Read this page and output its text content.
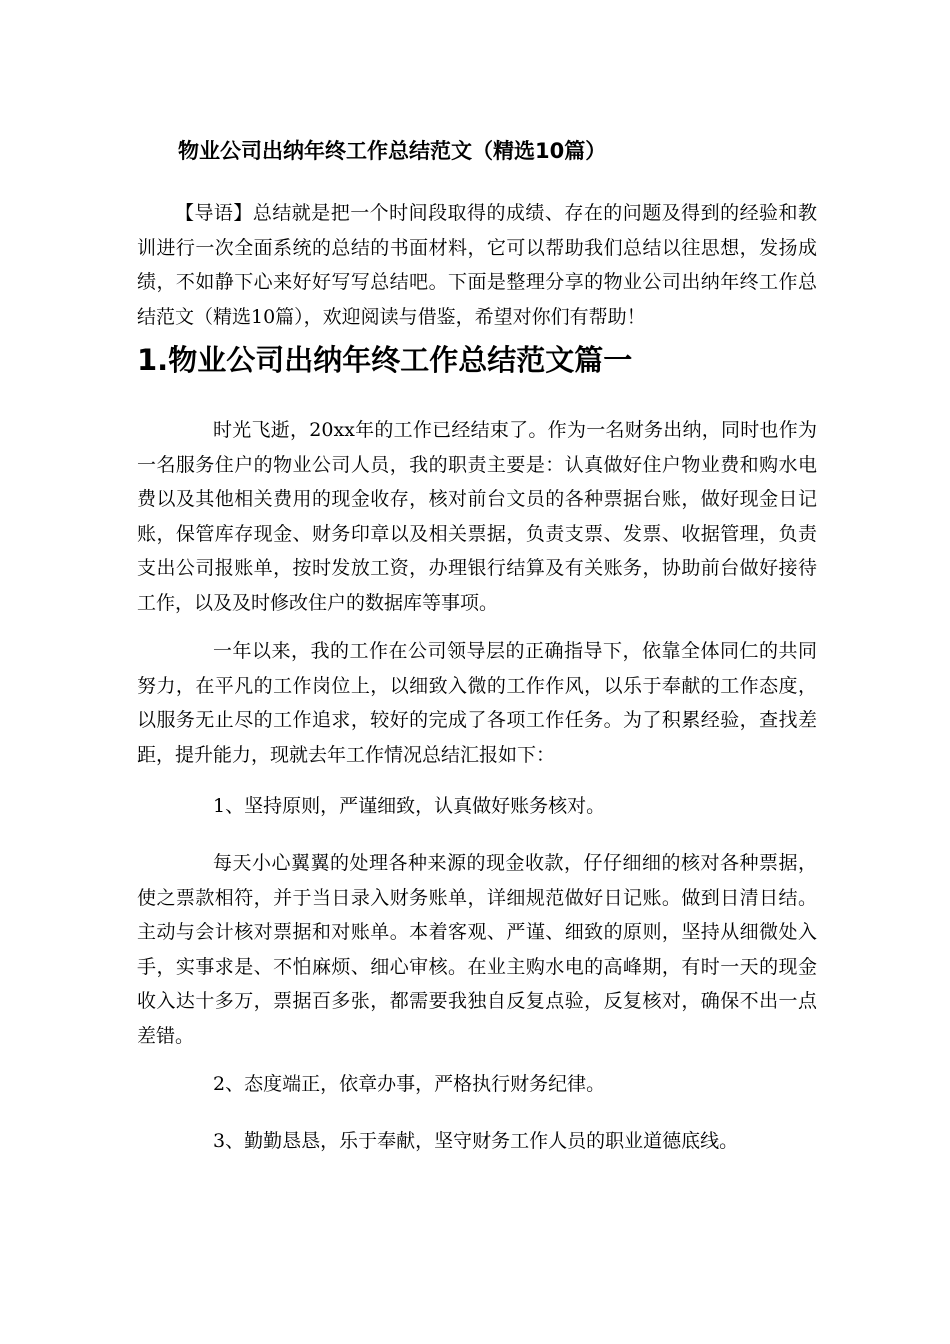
物业公司出纳年终工作总结范文（精选10篇）

【导语】总结就是把一个时间段取得的成绩、存在的问题及得到的经验和教训进行一次全面系统的总结的书面材料，它可以帮助我们总结以往思想，发扬成绩，不如静下心来好好写写总结吧。下面是整理分享的物业公司出纳年终工作总结范文（精选10篇），欢迎阅读与借鉴，希望对你们有帮助！

1.物业公司出纳年终工作总结范文篇一

时光飞逝，20xx年的工作已经结束了。作为一名财务出纳，同时也作为一名服务住户的物业公司人员，我的职责主要是：认真做好住户物业费和购水电费以及其他相关费用的现金收存，核对前台文员的各种票据台账，做好现金日记账，保管库存现金、财务印章以及相关票据，负责支票、发票、收据管理，负责支出公司报账单，按时发放工资，办理银行结算及有关账务，协助前台做好接待工作，以及及时修改住户的数据库等事项。

一年以来，我的工作在公司领导层的正确指导下，依靠全体同仁的共同努力，在平凡的工作岗位上，以细致入微的工作作风，以乐于奉献的工作态度，以服务无止尽的工作追求，较好的完成了各项工作任务。为了积累经验，查找差距，提升能力，现就去年工作情况总结汇报如下：

1、坚持原则，严谨细致，认真做好账务核对。

每天小心翼翼的处理各种来源的现金收款，仔仔细细的核对各种票据，使之票款相符，并于当日录入财务账单，详细规范做好日记账。做到日清日结。主动与会计核对票据和对账单。本着客观、严谨、细致的原则，坚持从细微处入手，实事求是、不怕麻烦、细心审核。在业主购水电的高峰期，有时一天的现金收入达十多万，票据百多张，都需要我独自反复点验，反复核对，确保不出一点差错。

2、态度端正，依章办事，严格执行财务纪律。

3、勤勤恳恳，乐于奉献，坚守财务工作人员的职业道德底线。
